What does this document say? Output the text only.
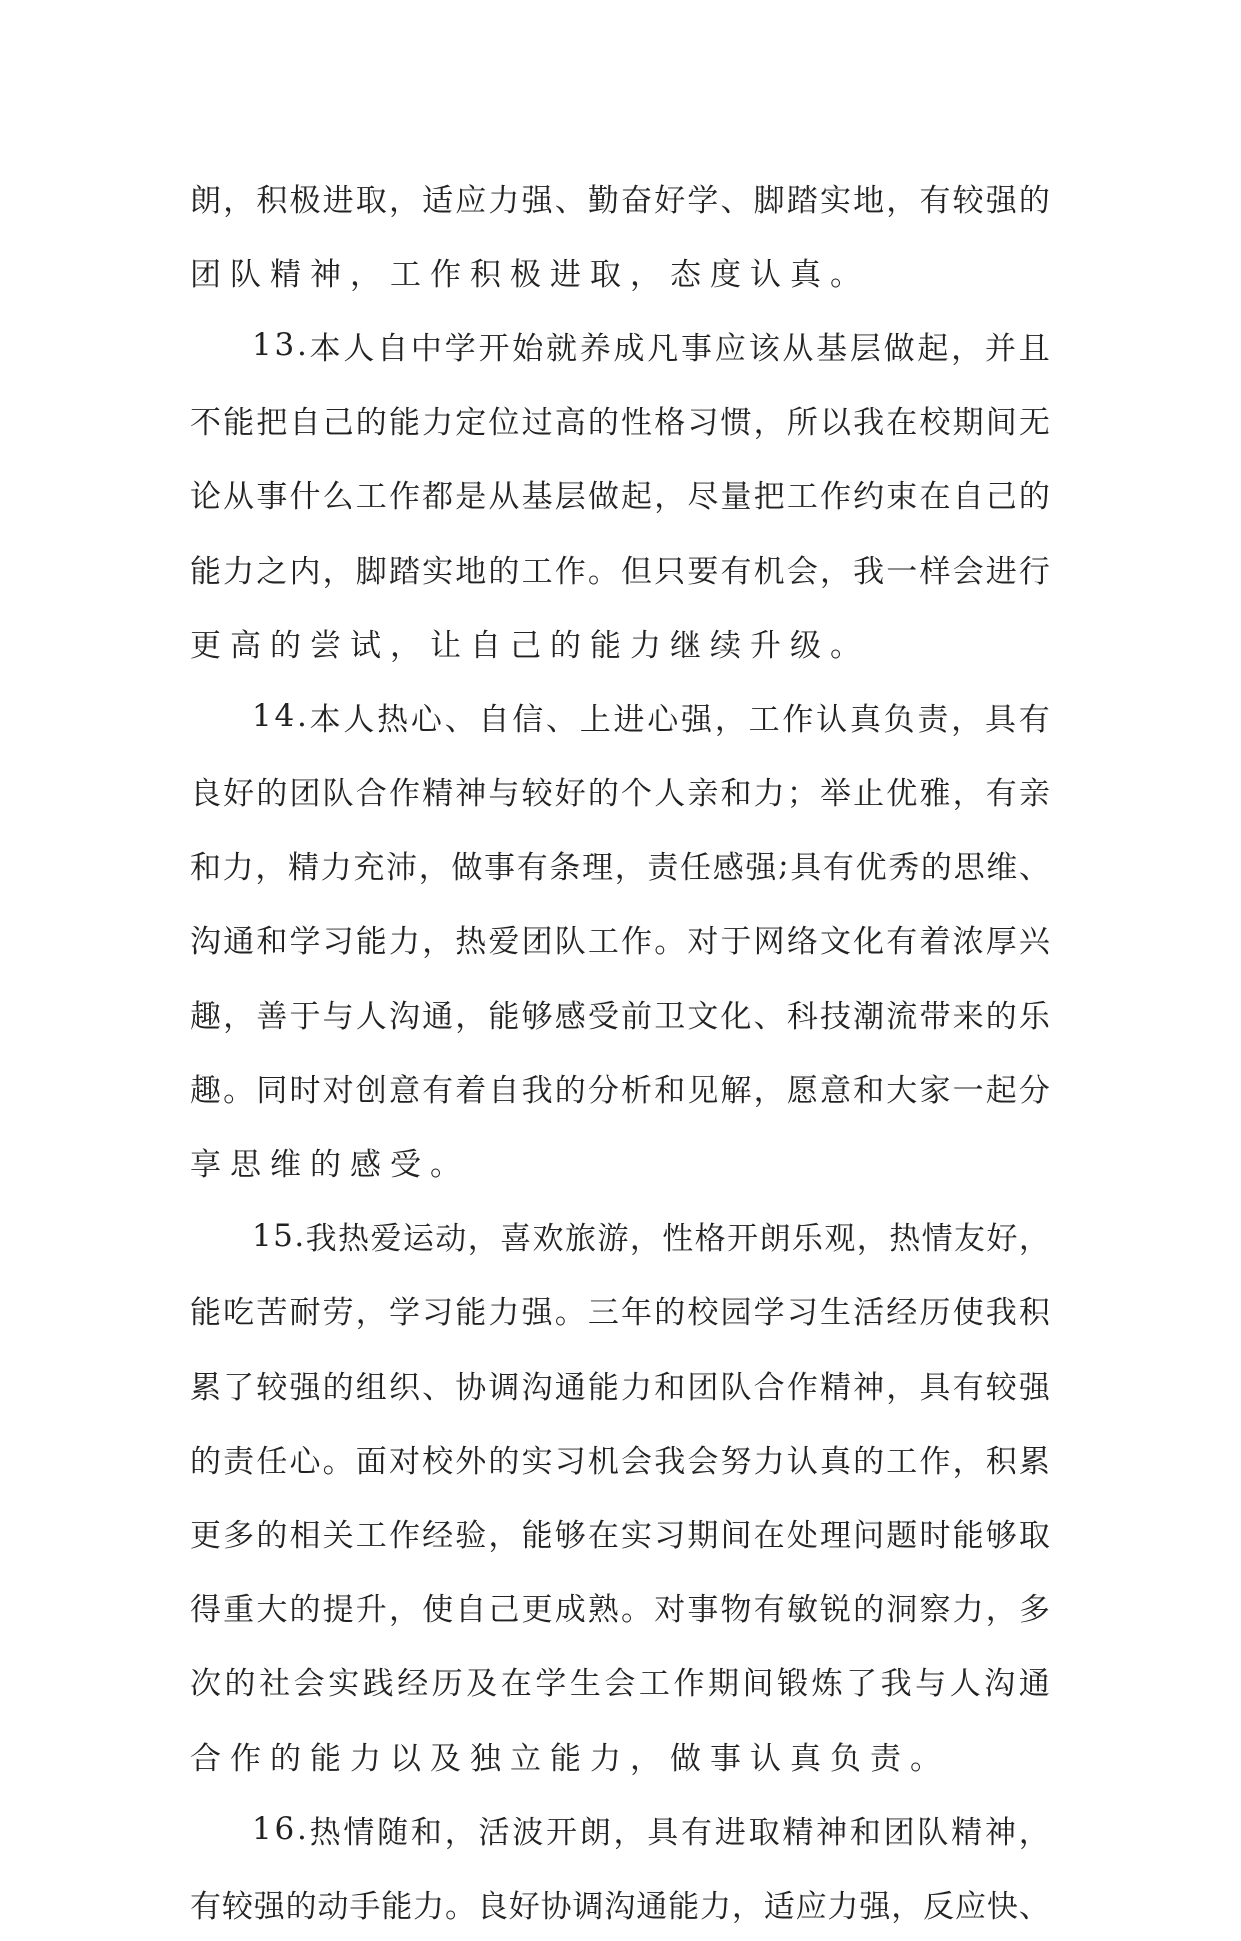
朗 ， 积 极 进 取 ， 适 应 力 强 、 勤 奋 好 学 、 脚 踏 实 地 ， 有 较 强 的
团队精神，工作积极进取，态度认真。
1 3 . 本 人 自 中 学 开 始 就 养 成 凡 事 应 该 从 基 层 做 起 ， 并 且
不 能 把 自 己 的 能 力 定 位 过 高 的 性 格 习 惯 ， 所 以 我 在 校 期 间 无
论 从 事 什 么 工 作 都 是 从 基 层 做 起 ， 尽 量 把 工 作 约 束 在 自 己 的
能 力 之 内 ， 脚 踏 实 地 的 工 作 。 但 只 要 有 机 会 ， 我 一 样 会 进 行
更高的尝试，让自己的能力继续升级。
1 4 . 本 人 热 心 、 自 信 、 上 进 心 强 ， 工 作 认 真 负 责 ， 具 有
良 好 的 团 队 合 作 精 神 与 较 好 的 个 人 亲 和 力 ； 举 止 优 雅 ， 有 亲
和 力 ， 精 力 充 沛 ， 做 事 有 条 理 ， 责 任 感 强 ; 具 有 优 秀 的 思 维 、
沟 通 和 学 习 能 力 ， 热 爱 团 队 工 作 。 对 于 网 络 文 化 有 着 浓 厚 兴
趣 ， 善 于 与 人 沟 通 ， 能 够 感 受 前 卫 文 化 、 科 技 潮 流 带 来 的 乐
趣 。 同 时 对 创 意 有 着 自 我 的 分 析 和 见 解 ， 愿 意 和 大 家 一 起 分
享思维的感受。
1 5 . 我 热 爱 运 动 ， 喜 欢 旅 游 ， 性 格 开 朗 乐 观 ， 热 情 友 好 ，
能 吃 苦 耐 劳 ， 学 习 能 力 强 。 三 年 的 校 园 学 习 生 活 经 历 使 我 积
累 了 较 强 的 组 织 、 协 调 沟 通 能 力 和 团 队 合 作 精 神 ， 具 有 较 强
的 责 任 心 。 面 对 校 外 的 实 习 机 会 我 会 努 力 认 真 的 工 作 ， 积 累
更 多 的 相 关 工 作 经 验 ， 能 够 在 实 习 期 间 在 处 理 问 题 时 能 够 取
得 重 大 的 提 升 ， 使 自 己 更 成 熟 。 对 事 物 有 敏 锐 的 洞 察 力 ， 多
次 的 社 会 实 践 经 历 及 在 学 生 会 工 作 期 间 锻 炼 了 我 与 人 沟 通
合作的能力以及独立能力，做事认真负责。
1 6 . 热 情 随 和 ， 活 波 开 朗 ， 具 有 进 取 精 神 和 团 队 精 神 ，
有 较 强 的 动 手 能 力 。 良 好 协 调 沟 通 能 力 ， 适 应 力 强 ， 反 应 快 、
